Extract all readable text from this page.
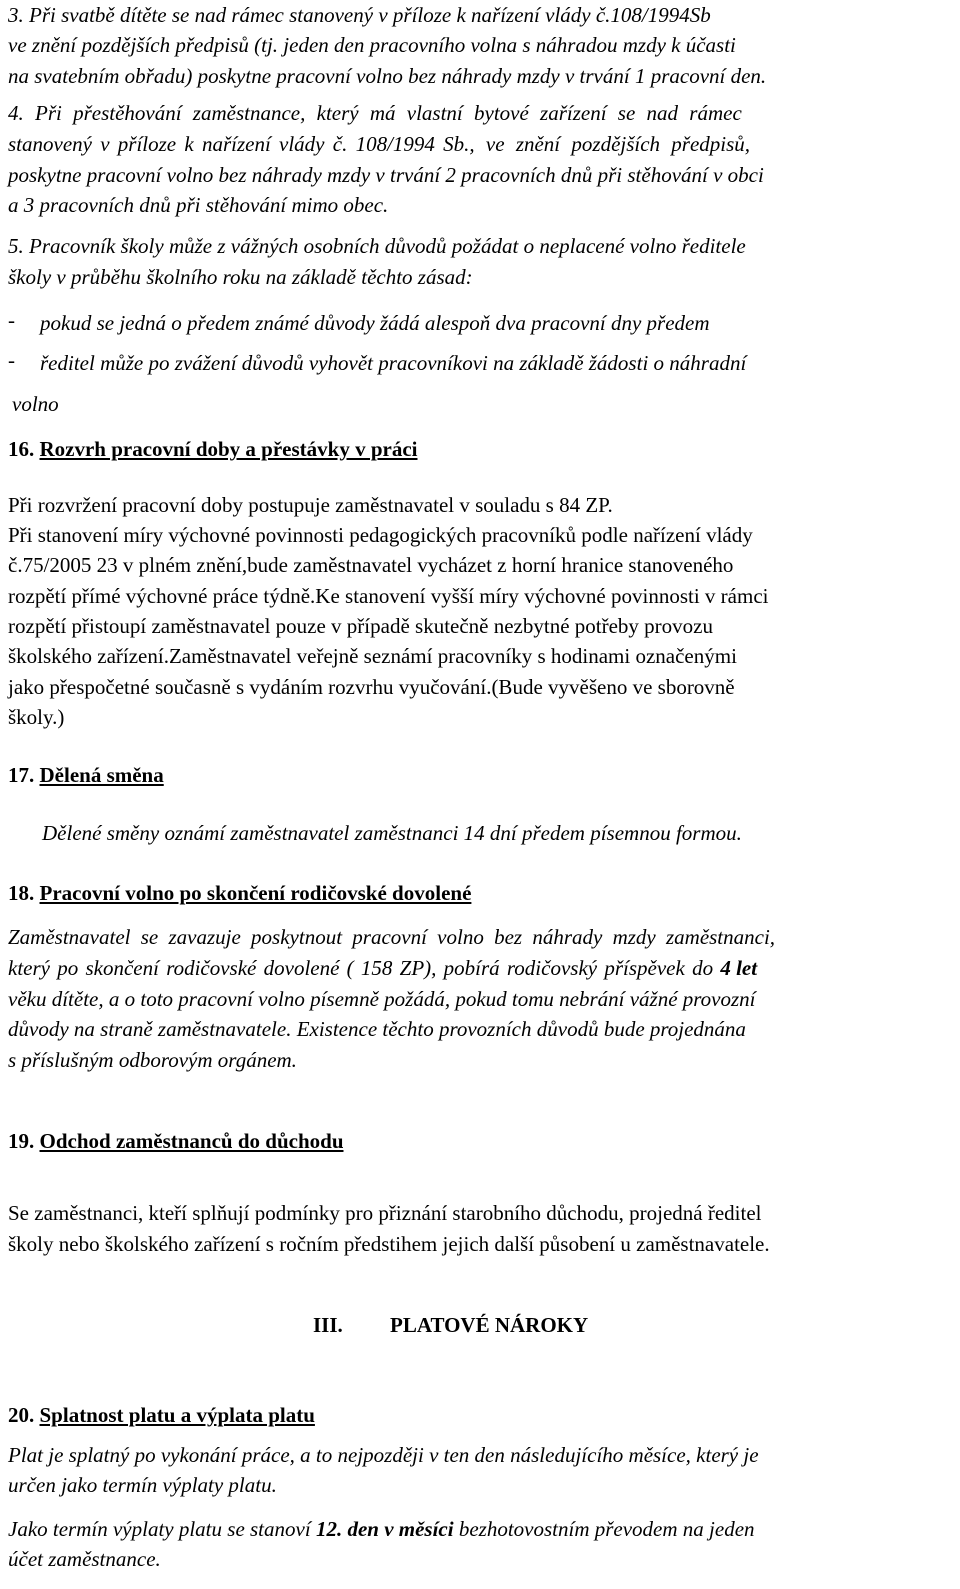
3. Při svatbě dítěte se nad rámec stanovený v příloze k nařízení vlády č.108/1994Sb

ve znění pozdějších předpisů (tj. jeden den pracovního volna s náhradou mzdy k účasti

na svatebním obřadu) poskytne pracovní volno bez náhrady mzdy v trvání 1 pracovní den.

4. Při přestěhování zaměstnance, který má vlastní bytové zařízení se nad rámec

stanovený v příloze k nařízení vlády č. 108/1994 Sb., ve znění pozdějších předpisů,

poskytne pracovní volno bez náhrady mzdy v trvání 2 pracovních dnů při stěhování v obci

a 3 pracovních dnů při stěhování mimo obec.

5. Pracovník školy může z vážných osobních důvodů požádat o neplacené volno ředitele

školy v průběhu školního roku na základě těchto zásad:

- pokud se jedná o předem známé důvody žádá alespoň dva pracovní dny předem

- ředitel může po zvážení důvodů vyhovět pracovníkovi na základě žádosti o náhradní

volno

16. Rozvrh pracovní doby a přestávky v práci

Při rozvržení pracovní doby postupuje zaměstnavatel v souladu s 84 ZP.

Při stanovení míry výchovné povinnosti pedagogických pracovníků podle nařízení vlády

č.75/2005 23 v plném znění,bude zaměstnavatel vycházet z horní hranice stanoveného

rozpětí přímé výchovné práce týdně.Ke stanovení vyšší míry výchovné povinnosti v rámci

rozpětí přistoupí zaměstnavatel pouze v případě skutečně nezbytné potřeby provozu

školského zařízení.Zaměstnavatel veřejně seznámí pracovníky s hodinami označenými

jako přespočetné současně s vydáním rozvrhu vyučování.(Bude vyvěšeno ve sborovně

školy.)

17. Dělená směna

Dělené směny oznámí zaměstnavatel zaměstnanci 14 dní předem písemnou formou.

18. Pracovní volno po skončení rodičovské dovolené

Zaměstnavatel se zavazuje poskytnout pracovní volno bez náhrady mzdy zaměstnanci,

který po skončení rodičovské dovolené ( 158 ZP), pobírá rodičovský příspěvek do 4 let

věku dítěte, a o toto pracovní volno písemně požádá, pokud tomu nebrání vážné provozní

důvody na straně zaměstnavatele. Existence těchto provozních důvodů bude projednána

s příslušným odborovým orgánem.

19. Odchod zaměstnanců do důchodu

Se zaměstnanci, kteří splňují podmínky pro přiznání starobního důchodu, projedná ředitel

školy nebo školského zařízení s ročním předstihem jejich další působení u zaměstnavatele.

III. PLATOVÉ NÁROKY
20. Splatnost platu a výplata platu

Plat je splatný po vykonání práce, a to nejpozději v ten den následujícího měsíce, který je

určen jako termín výplaty platu.

Jako termín výplaty platu se stanoví 12. den v měsíci bezhotovostním převodem na jeden

účet zaměstnance.
